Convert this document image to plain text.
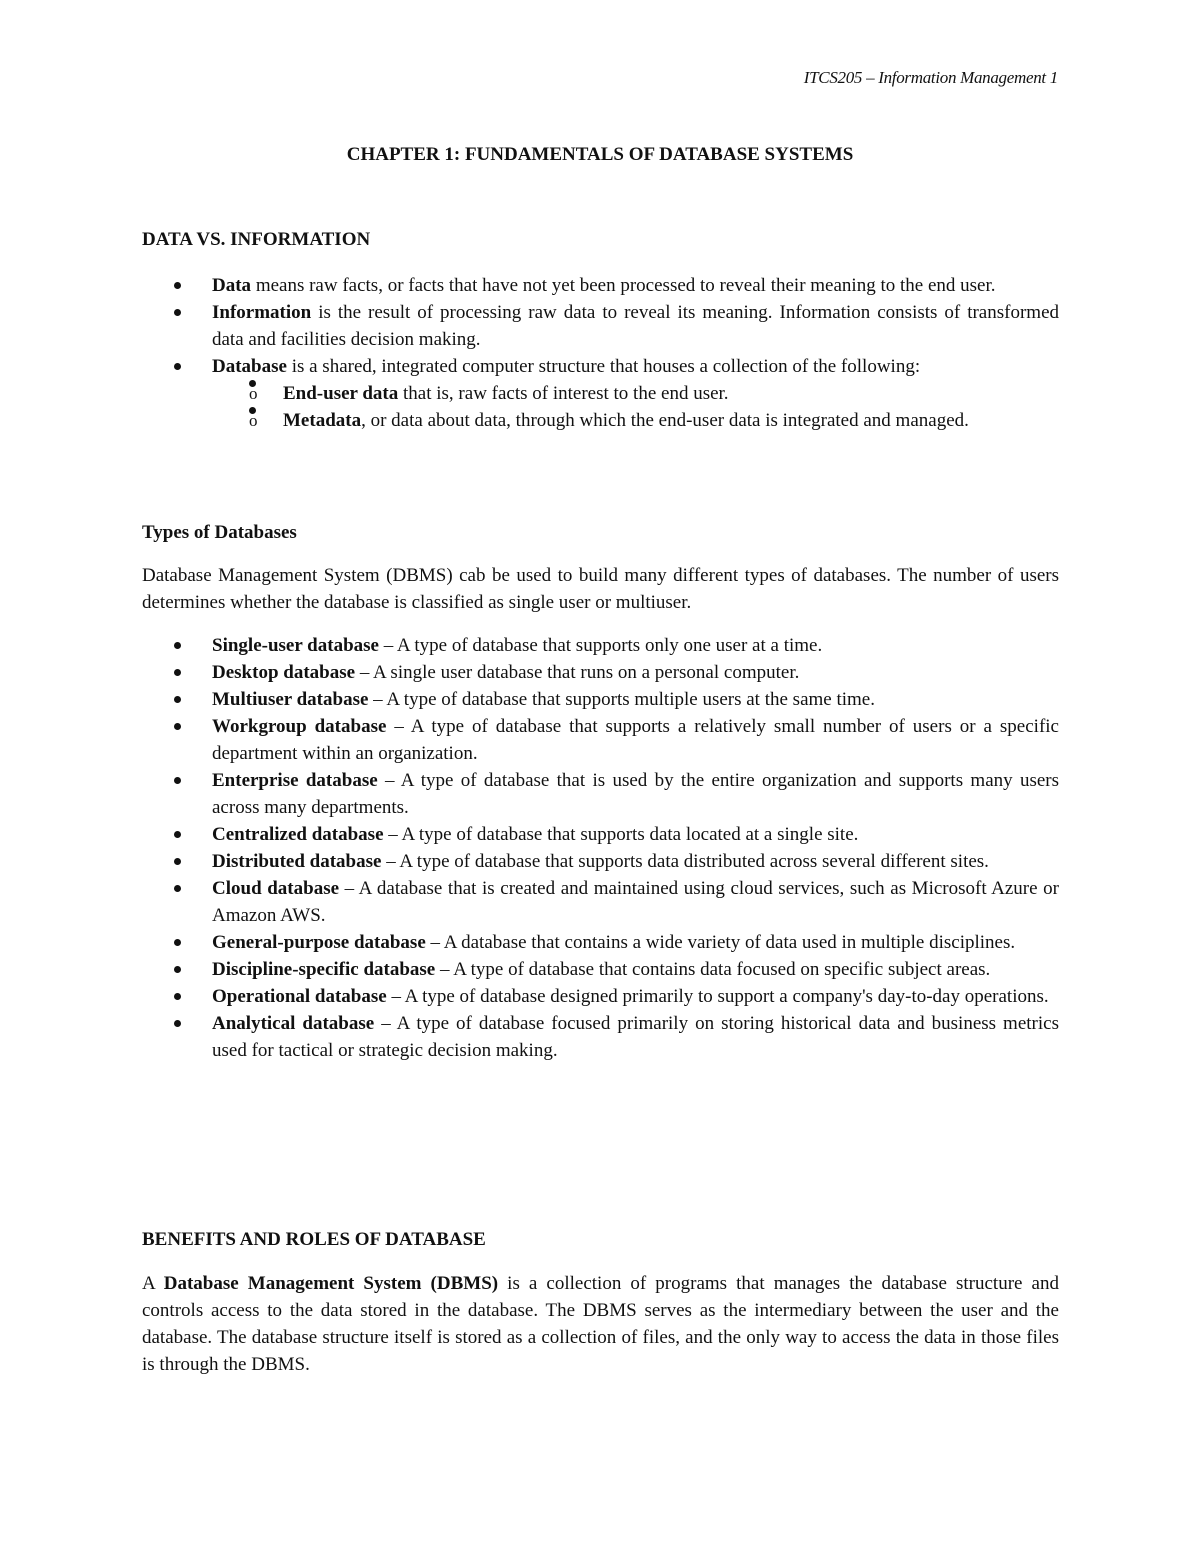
ITCS205 – Information Management 1
CHAPTER 1: FUNDAMENTALS OF DATABASE SYSTEMS
DATA VS. INFORMATION
Data means raw facts, or facts that have not yet been processed to reveal their meaning to the end user.
Information is the result of processing raw data to reveal its meaning. Information consists of transformed data and facilities decision making.
Database is a shared, integrated computer structure that houses a collection of the following:
o End-user data that is, raw facts of interest to the end user.
o Metadata, or data about data, through which the end-user data is integrated and managed.
Types of Databases

Database Management System (DBMS) cab be used to build many different types of databases. The number of users determines whether the database is classified as single user or multiuser.

Single-user database – A type of database that supports only one user at a time.
Desktop database – A single user database that runs on a personal computer.
Multiuser database – A type of database that supports multiple users at the same time.
Workgroup database – A type of database that supports a relatively small number of users or a specific department within an organization.
Enterprise database – A type of database that is used by the entire organization and supports many users across many departments.
Centralized database – A type of database that supports data located at a single site.
Distributed database – A type of database that supports data distributed across several different sites.
Cloud database – A database that is created and maintained using cloud services, such as Microsoft Azure or Amazon AWS.
General-purpose database – A database that contains a wide variety of data used in multiple disciplines.
Discipline-specific database – A type of database that contains data focused on specific subject areas.
Operational database – A type of database designed primarily to support a company's day-to-day operations.
Analytical database – A type of database focused primarily on storing historical data and business metrics used for tactical or strategic decision making.
BENEFITS AND ROLES OF DATABASE

A Database Management System (DBMS) is a collection of programs that manages the database structure and controls access to the data stored in the database. The DBMS serves as the intermediary between the user and the database. The database structure itself is stored as a collection of files, and the only way to access the data in those files is through the DBMS.
